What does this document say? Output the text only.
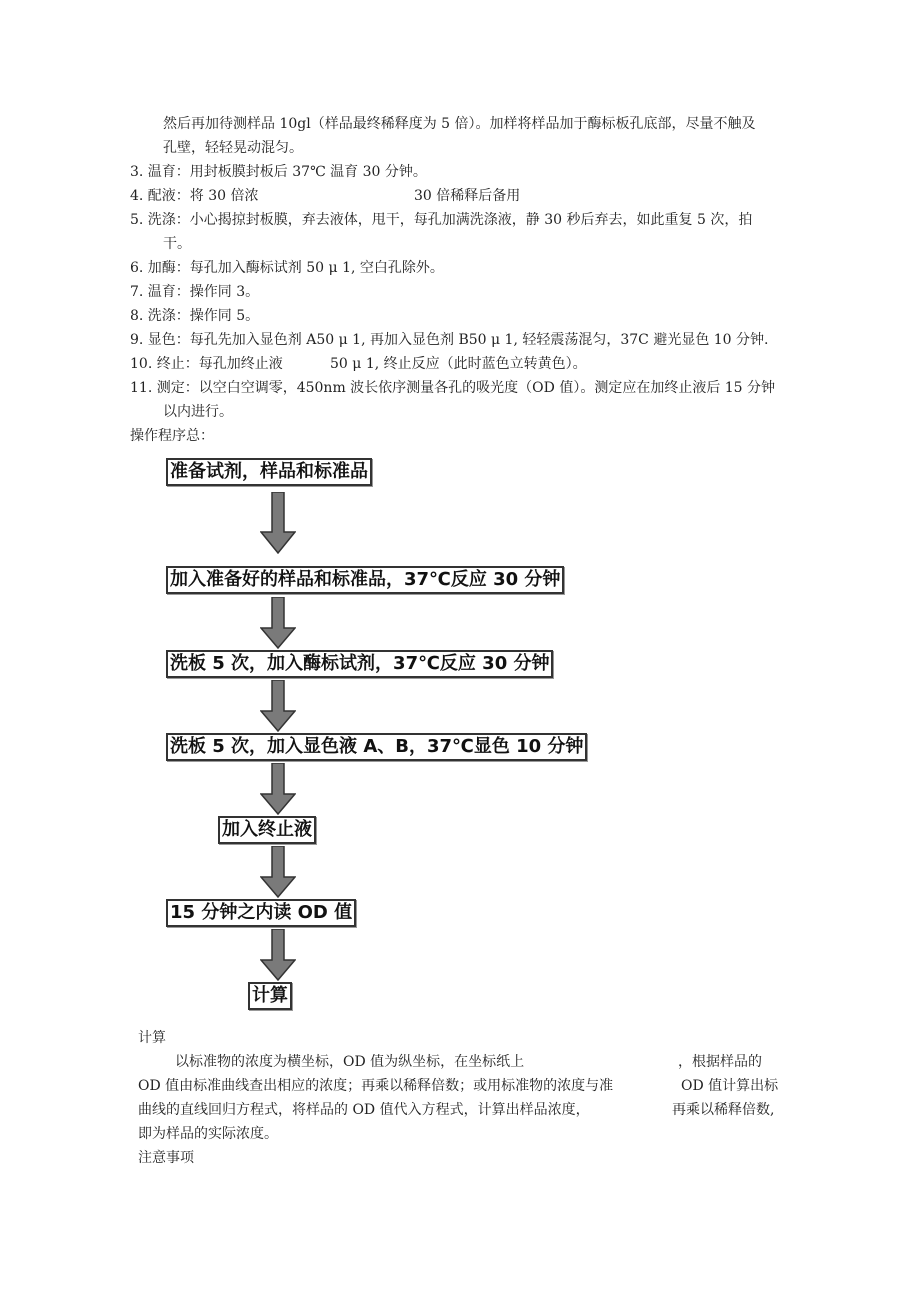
然后再加待测样品 10gl（样品最终稀释度为 5 倍）。加样将样品加于酶标板孔底部，尽量不触及
孔壁，轻轻晃动混匀。
3. 温育：用封板膜封板后 37℃ 温育 30 分钟。
4. 配液：将 30 倍浓	30 倍稀释后备用
5. 洗涤：小心揭掠封板膜，弃去液体，甩干，每孔加满洗涤液，静 30 秒后弃去，如此重复 5 次，拍
干。
6. 加酶：每孔加入酶标试剂 50 μ 1, 空白孔除外。
7. 温育：操作同 3。
8. 洗涤：操作同 5。
9. 显色：每孔先加入显色剂 A50 μ 1, 再加入显色剂 B50 μ 1, 轻轻震荡混匀，37C 避光显色 10 分钟.
10. 终止：每孔加终止液	50 μ 1, 终止反应（此时蓝色立转黄色）。
11. 测定：以空白空调零，450nm 波长依序测量各孔的吸光度（OD 值）。测定应在加终止液后 15 分钟
以内进行。
操作程序总：
准备试剂，样品和标准品
加入准备好的样品和标准品，37℃反应 30 分钟
洗板 5 次，加入酶标试剂，37℃反应 30 分钟
洗板 5 次，加入显色液 A、B，37℃显色 10 分钟
加入终止液
15 分钟之内读 OD 值
计算
计算
以标准物的浓度为横坐标，OD 值为纵坐标，在坐标纸上	，根据样品的
OD 值由标准曲线查出相应的浓度；再乘以稀释倍数；或用标准物的浓度与准	OD 值计算出标
曲线的直线回归方程式，将样品的 OD 值代入方程式，计算出样品浓度，	再乘以稀释倍数,
即为样品的实际浓度。
注意事项
